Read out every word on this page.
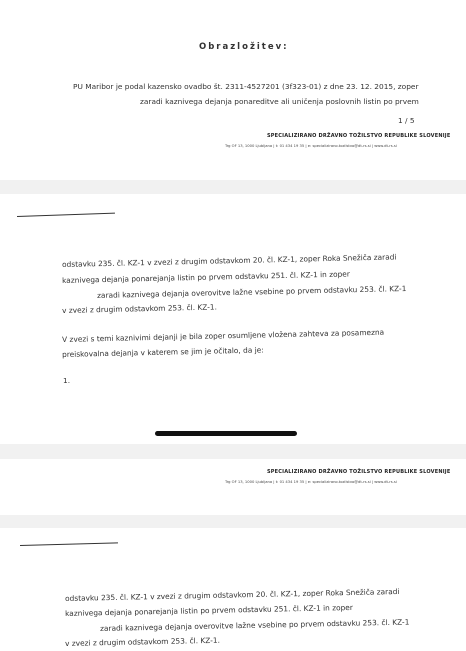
Obrazložitev:
PU Maribor je podal kazensko ovadbo št. 2311-4527201 (3f323-01) z dne 23. 12. 2015, zoper
zaradi kaznivega dejanja ponareditve ali uničenja poslovnih listin po prvem
1 / 5
SPECIALIZIRANO DRŽAVNO TOŽILSTVO REPUBLIKE SLOVENIJE
Trg OF 13, 1000 Ljubljana | t: 01 434 19 35 | e: specializirano.tozilstvo@dt-rs.si | www.dt-rs.si
odstavku 235. čl. KZ-1 v zvezi z drugim odstavkom 20. čl. KZ-1, zoper Roka Snežiča zaradi
kaznivega dejanja ponarejanja listin po prvem odstavku 251. čl. KZ-1 in zoper
zaradi kaznivega dejanja overovitve lažne vsebine po prvem odstavku 253. čl. KZ-1
v zvezi z drugim odstavkom 253. čl. KZ-1.
V zvezi s temi kaznivimi dejanji je bila zoper osumljene vložena zahteva za posamezna
preiskovalna dejanja v katerem se jim je očitalo, da je:
1.
SPECIALIZIRANO DRŽAVNO TOŽILSTVO REPUBLIKE SLOVENIJE
Trg OF 13, 1000 Ljubljana | t: 01 434 19 35 | e: specializirano.tozilstvo@dt-rs.si | www.dt-rs.si
odstavku 235. čl. KZ-1 v zvezi z drugim odstavkom 20. čl. KZ-1, zoper Roka Snežiča zaradi
kaznivega dejanja ponarejanja listin po prvem odstavku 251. čl. KZ-1 in zoper
zaradi kaznivega dejanja overovitve lažne vsebine po prvem odstavku 253. čl. KZ-1
v zvezi z drugim odstavkom 253. čl. KZ-1.
